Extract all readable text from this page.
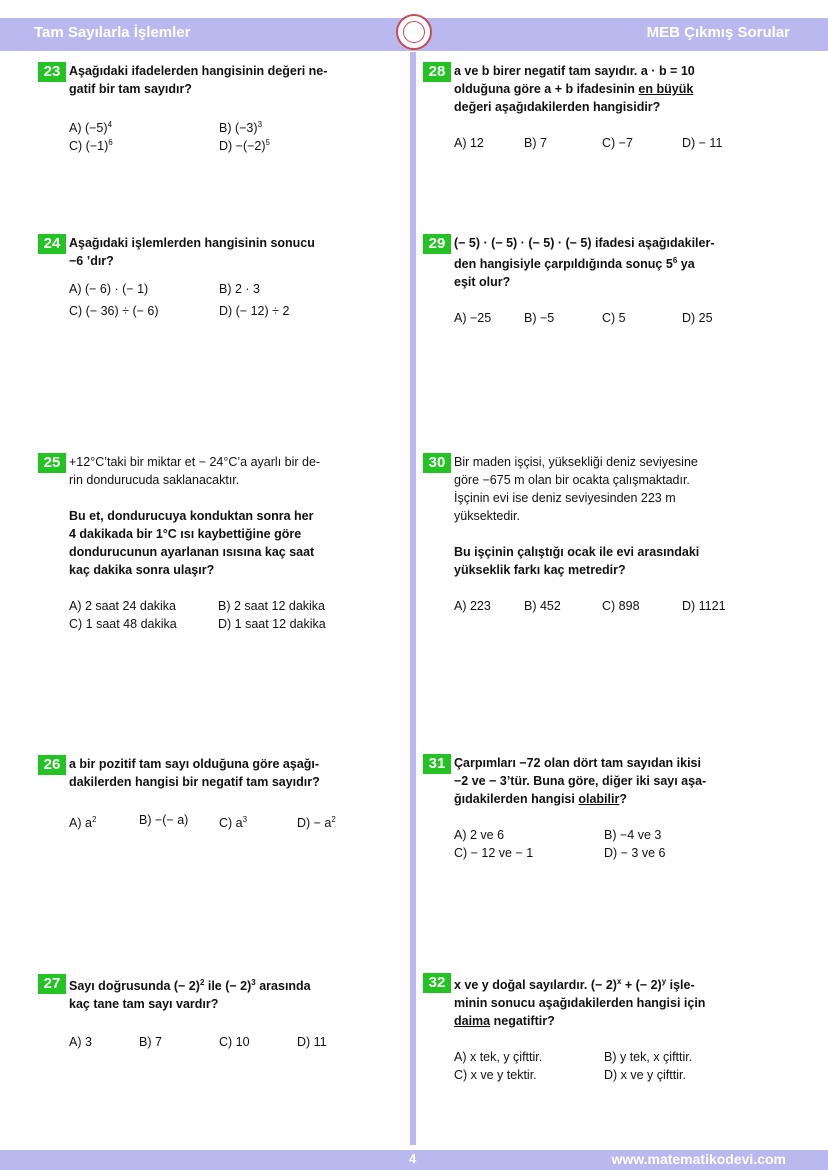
Tam Sayılarla İşlemler	MEB Çıkmış Sorular
23 Aşağıdaki ifadelerden hangisinin değeri ne-
gatif bir tam sayıdır?
A) $(-5)^4$	B) $(-3)^3$
C) $(-1)^6$	$D) -(-2)^5$
24 Aşağıdaki işlemlerden hangisinin sonucu
−6 ’dır?
A) (− 6) · (− 1)	B) 2 · 3
C) (− 36) ÷ (− 6)	D) (− 12) ÷ 2
25 +12°C’taki bir miktar et − 24°C’a ayarlı bir de-
rin dondurucuda saklanacaktır.
Bu et, dondurucuya konduktan sonra her
4 dakikada bir 1°C ısı kaybettiğine göre
dondurucunun ayarlanan ısısına kaç saat
kaç dakika sonra ulaşır?
A) 2 saat 24 dakika	B) 2 saat 12 dakika
C) 1 saat 48 dakika	D) 1 saat 12 dakika
26 a bir pozitif tam sayı olduğuna göre aşağı-
dakilerden hangisi bir negatif tam sayıdır?
A) $a^2$	B) −(− a) C) $a^3$	$D) - a^2$
27 Sayı doğrusunda (− 2)$^2$ ile (− 2)$^3$ arasında
kaç tane tam sayı vardır?
A) 3	B) 7	C) 10	D) 11
28 a ve b birer negatif tam sayıdır. a · b = 10
olduğuna göre a + b ifadesinin en büyük
değeri aşağıdakilerden hangisidir?
A) 12	B) 7	C) −7	D) − 11
29 (− 5) · (− 5) · (− 5) · (− 5) ifadesi aşağıdakiler-
den hangisiyle çarpıldığında sonuç $5^6$ ya
eşit olur?
A) −25	B) −5	C) 5	D) 25
30 Bir maden işçisi, yüksekliği deniz seviyesine
göre −675 m olan bir ocakta çalışmaktadır.
İşçinin evi ise deniz seviyesinden 223 m
yüksektedir.
Bu işçinin çalıştığı ocak ile evi arasındaki
yükseklik farkı kaç metredir?
A) 223	B) 452	C) 898	D) 1121
31 Çarpımları −72 olan dört tam sayıdan ikisi
−2 ve − 3’tür. Buna göre, diğer iki sayı aşa-
ğıdakilerden hangisi olabilir?
A) 2 ve 6	B) −4 ve 3
C) − 12 ve − 1	D) − 3 ve 6
32 x ve y doğal sayılardır. (− 2)$^x$ + (− 2)$^y$ işle-
minin sonucu aşağıdakilerden hangisi için
daima negatiftir?
A) x tek, y çifttir.	B) y tek, x çifttir.
C) x ve y tektir.	D) x ve y çifttir.
4	www.matematikodevi.com
